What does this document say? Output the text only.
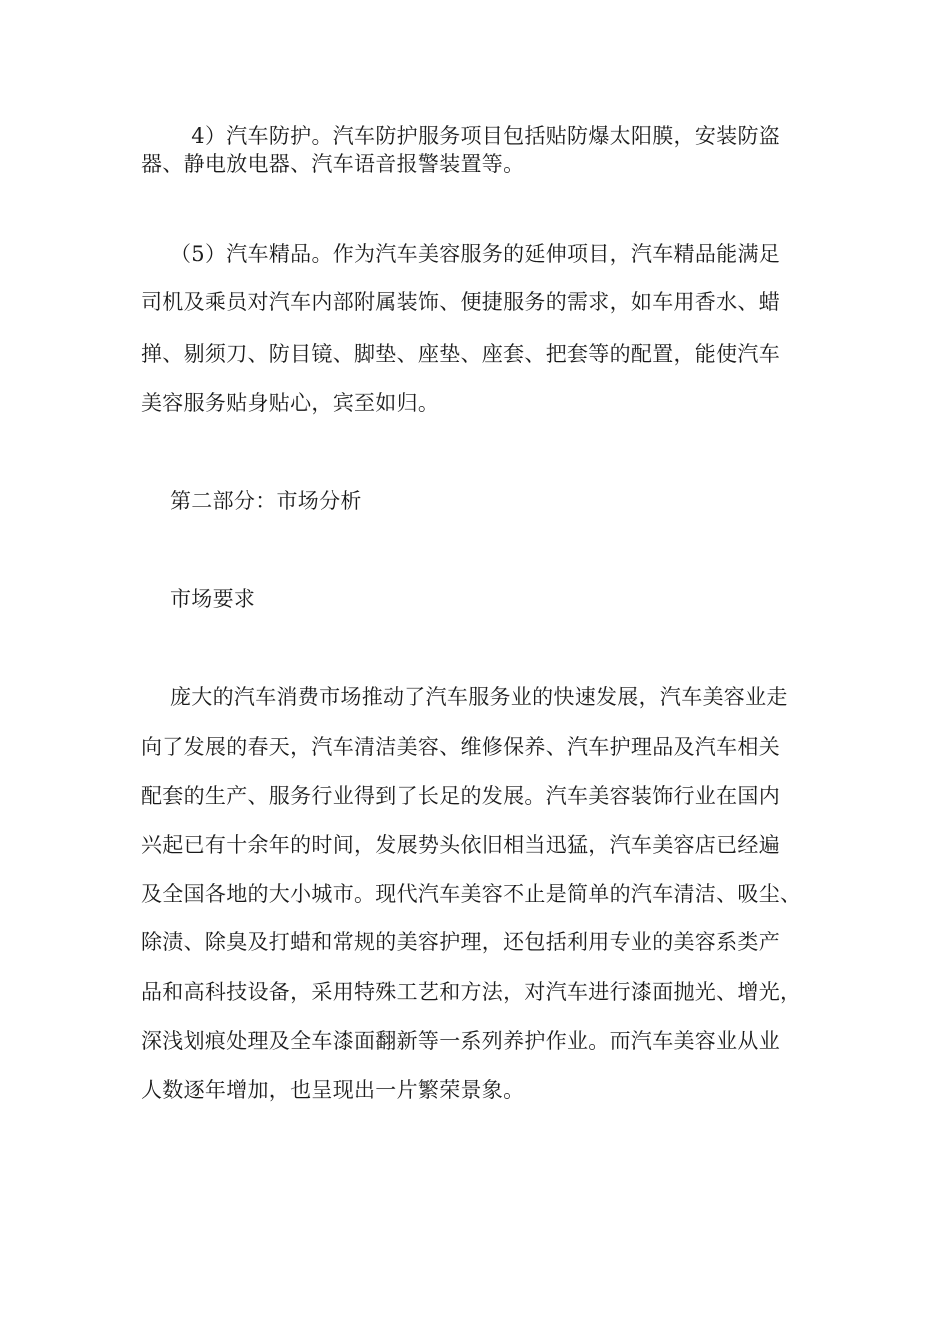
　4）汽车防护。汽车防护服务项目包括贴防爆太阳膜，安装防盗
器、静电放电器、汽车语音报警装置等。
（5）汽车精品。作为汽车美容服务的延伸项目，汽车精品能满足
司机及乘员对汽车内部附属装饰、便捷服务的需求，如车用香水、蜡
掸、剔须刀、防目镜、脚垫、座垫、座套、把套等的配置，能使汽车
美容服务贴身贴心，宾至如归。
第二部分：市场分析
市场要求
庞大的汽车消费市场推动了汽车服务业的快速发展，汽车美容业走
向了发展的春天，汽车清洁美容、维修保养、汽车护理品及汽车相关
配套的生产、服务行业得到了长足的发展。汽车美容装饰行业在国内
兴起已有十余年的时间，发展势头依旧相当迅猛，汽车美容店已经遍
及全国各地的大小城市。现代汽车美容不止是简单的汽车清洁、吸尘、
除渍、除臭及打蜡和常规的美容护理，还包括利用专业的美容系类产
品和高科技设备，采用特殊工艺和方法，对汽车进行漆面抛光、增光，
深浅划痕处理及全车漆面翻新等一系列养护作业。而汽车美容业从业
人数逐年增加，也呈现出一片繁荣景象。
